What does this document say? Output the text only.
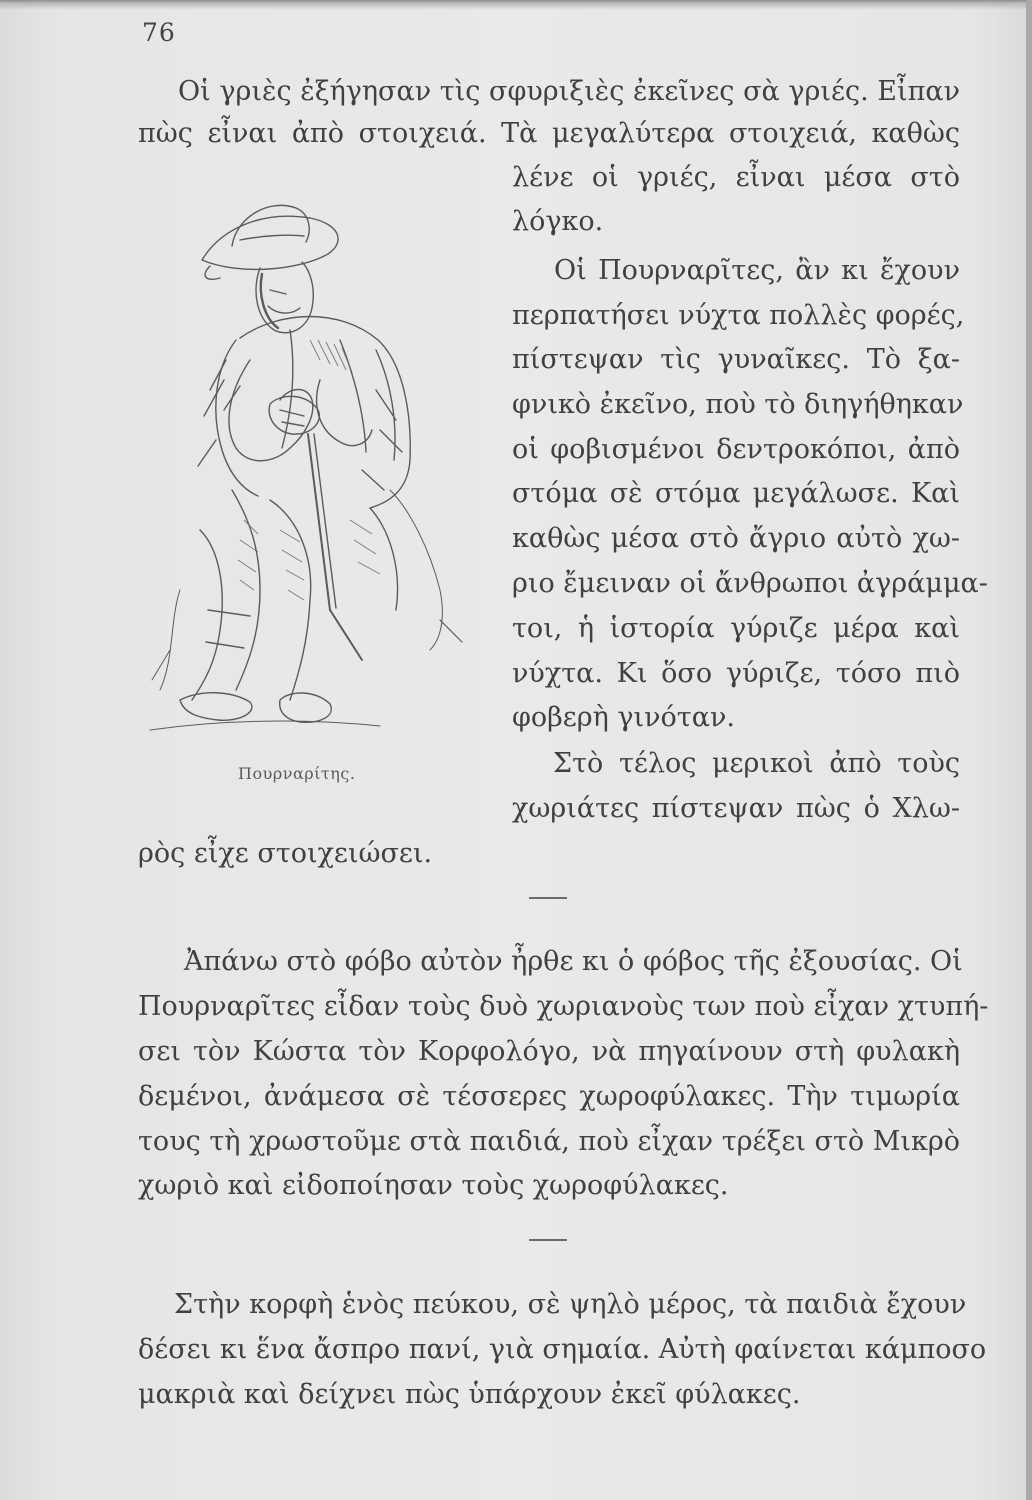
76
Οἱ γριὲς ἐξήγησαν τὶς σφυριξιὲς ἐκεῖνες σὰ γριές. Εἶπαν
πὼς εἶναι ἀπὸ στοιχειά. Τὰ μεγαλύτερα στοιχειά, καθὼς
λένε οἱ γριές, εἶναι μέσα στὸ
λόγκο.
Οἱ Πουρναρῖτες, ἂν κι ἔχουν
περπατήσει νύχτα πολλὲς φορές,
πίστεψαν τὶς γυναῖκες. Τὸ ξα-
φνικὸ ἐκεῖνο, ποὺ τὸ διηγήθηκαν
οἱ φοβισμένοι δεντροκόποι, ἀπὸ
στόμα σὲ στόμα μεγάλωσε. Καὶ
καθὼς μέσα στὸ ἄγριο αὐτὸ χω-
ριο ἔμειναν οἱ ἄνθρωποι ἀγράμμα-
τοι, ἡ ἱστορία γύριζε μέρα καὶ
νύχτα. Κι ὅσο γύριζε, τόσο πιὸ
φοβερὴ γινόταν.
Στὸ τέλος μερικοὶ ἀπὸ τοὺς
χωριάτες πίστεψαν πὼς ὁ Χλω-
Πουρναρίτης.
ρὸς εἶχε στοιχειώσει.
Ἀπάνω στὸ φόβο αὐτὸν ἦρθε κι ὁ φόβος τῆς ἐξουσίας. Οἱ
Πουρναρῖτες εἶδαν τοὺς δυὸ χωριανοὺς των ποὺ εἶχαν χτυπή-
σει τὸν Κώστα τὸν Κορφολόγο, νὰ πηγαίνουν στὴ φυλακὴ
δεμένοι, ἀνάμεσα σὲ τέσσερες χωροφύλακες. Τὴν τιμωρία
τους τὴ χρωστοῦμε στὰ παιδιά, ποὺ εἶχαν τρέξει στὸ Μικρὸ
χωριὸ καὶ εἰδοποίησαν τοὺς χωροφύλακες.
Στὴν κορφὴ ἑνὸς πεύκου, σὲ ψηλὸ μέρος, τὰ παιδιὰ ἔχουν
δέσει κι ἕνα ἄσπρο πανί, γιὰ σημαία. Αὐτὴ φαίνεται κάμποσο
μακριὰ καὶ δείχνει πὼς ὑπάρχουν ἐκεῖ φύλακες.
